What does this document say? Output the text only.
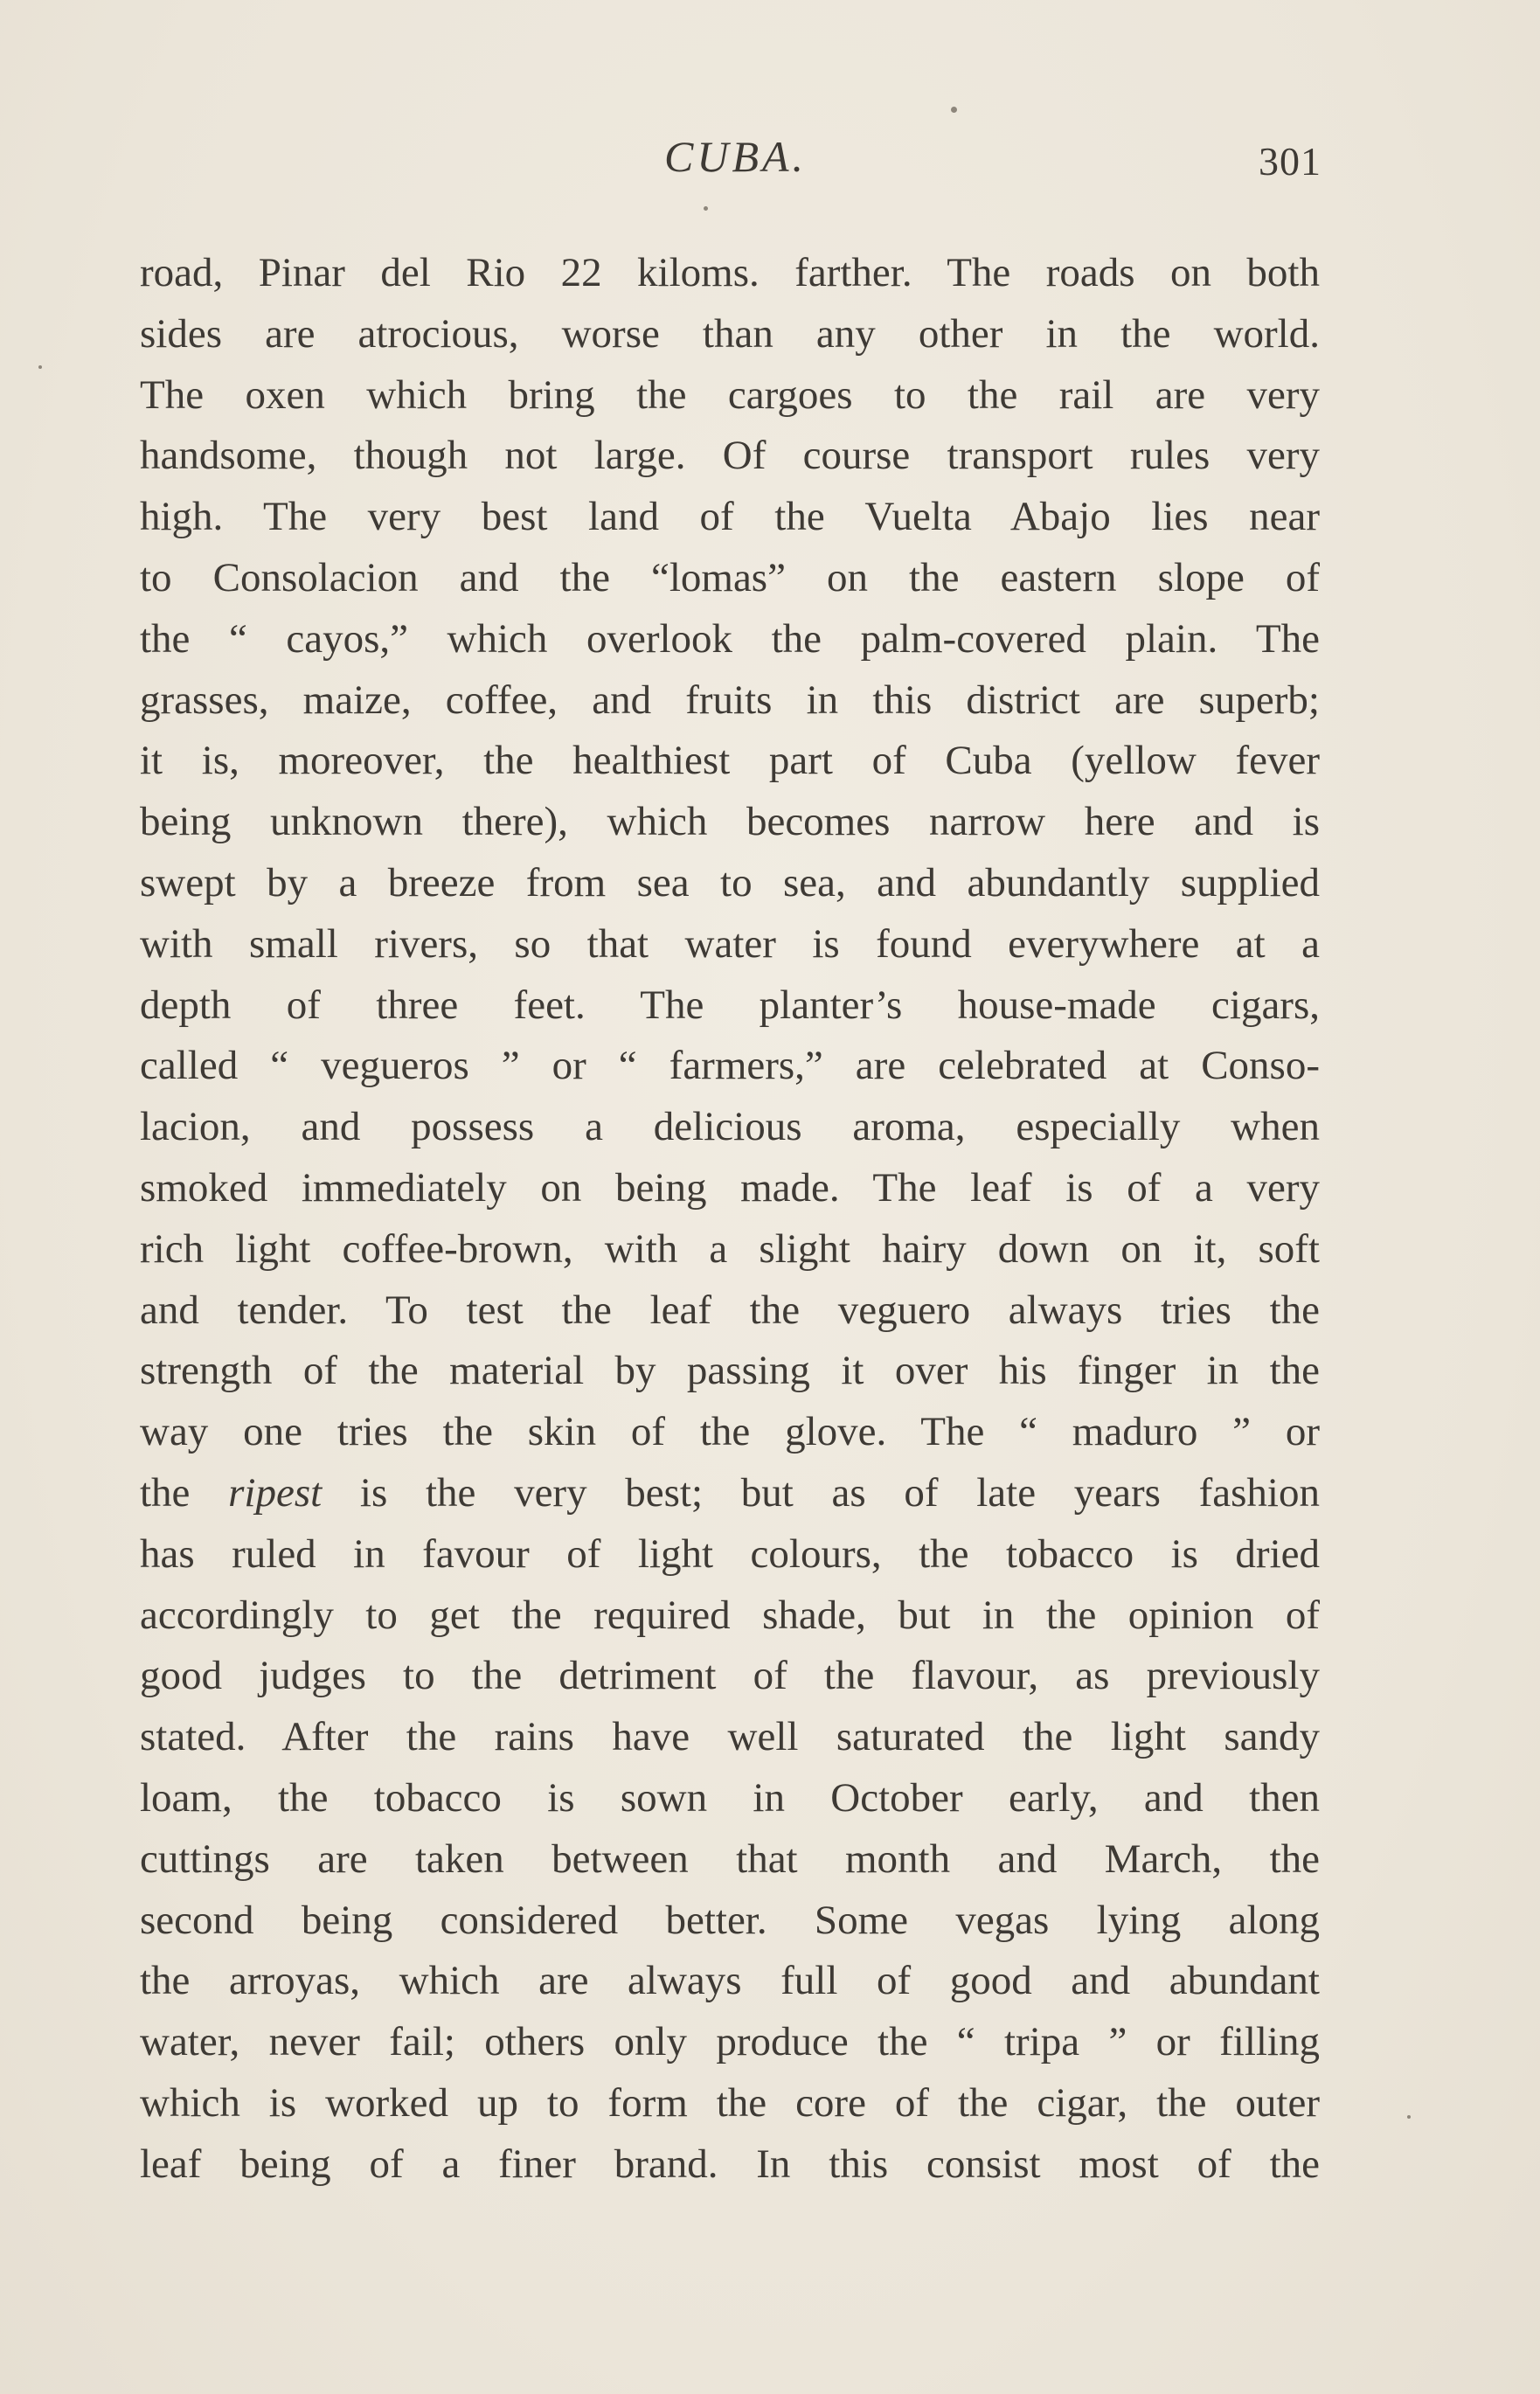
CUBA.	301
road, Pinar del Rio 22 kiloms. farther. The roads on both
sides are atrocious, worse than any other in the world.
The oxen which bring the cargoes to the rail are very
handsome, though not large. Of course transport rules very
high. The very best land of the Vuelta Abajo lies near
to Consolacion and the “lomas” on the eastern slope of
the “ cayos,” which overlook the palm-covered plain. The
grasses, maize, coffee, and fruits in this district are superb;
it is, moreover, the healthiest part of Cuba (yellow fever
being unknown there), which becomes narrow here and is
swept by a breeze from sea to sea, and abundantly supplied
with small rivers, so that water is found everywhere at a
depth of three feet. The planter’s house-made cigars,
called “ vegueros ” or “ farmers,” are celebrated at Conso-
lacion, and possess a delicious aroma, especially when
smoked immediately on being made. The leaf is of a very
rich light coffee-brown, with a slight hairy down on it, soft
and tender. To test the leaf the veguero always tries the
strength of the material by passing it over his finger in the
way one tries the skin of the glove. The “ maduro ” or
the ripest is the very best; but as of late years fashion
has ruled in favour of light colours, the tobacco is dried
accordingly to get the required shade, but in the opinion of
good judges to the detriment of the flavour, as previously
stated. After the rains have well saturated the light sandy
loam, the tobacco is sown in October early, and then
cuttings are taken between that month and March, the
second being considered better. Some vegas lying along
the arroyas, which are always full of good and abundant
water, never fail; others only produce the “ tripa ” or filling
which is worked up to form the core of the cigar, the outer
leaf being of a finer brand. In this consist most of the
